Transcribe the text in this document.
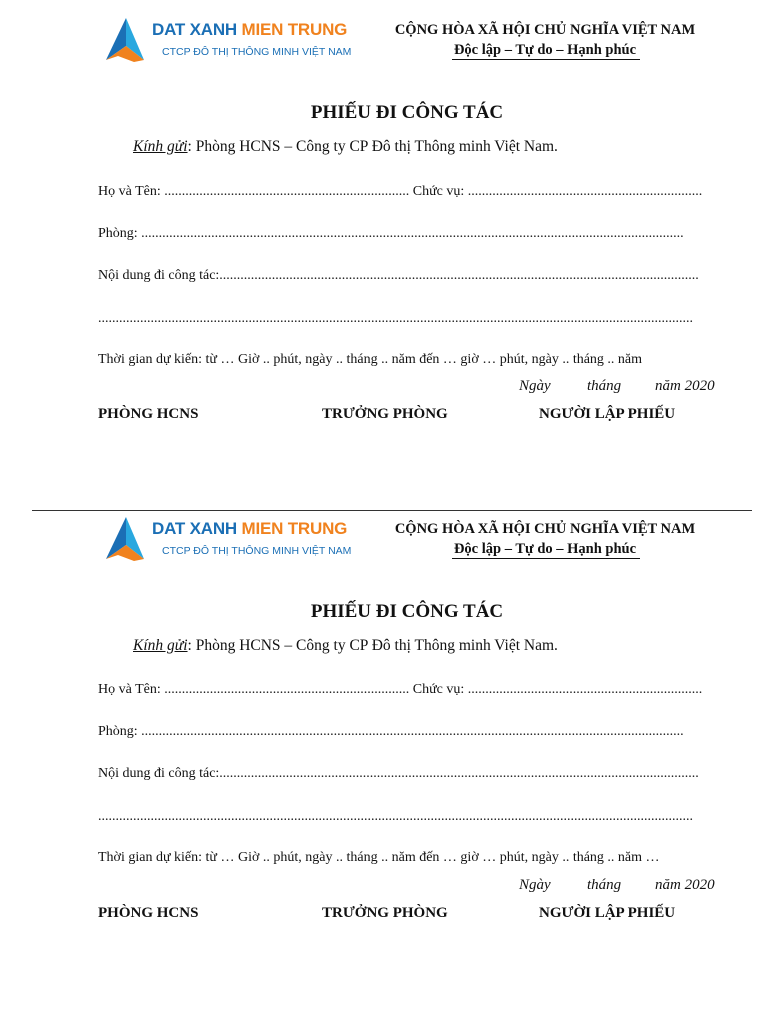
DAT XANH MIEN TRUNG
CTCP ĐÔ THỊ THÔNG MINH VIỆT NAM
CỘNG HÒA XÃ HỘI CHỦ NGHĨA VIỆT NAM
Độc lập – Tự do – Hạnh phúc
PHIẾU ĐI CÔNG TÁC
Kính gửi: Phòng HCNS – Công ty CP Đô thị Thông minh Việt Nam.
Họ và Tên: ...................................................................... Chức vụ: ...................................................................
Phòng: ...........................................................................................................................................................
Nội dung đi công tác:.........................................................................................................................................
..........................................................................................................................................................................
Thời gian dự kiến: từ … Giờ .. phút, ngày .. tháng .. năm đến … giờ … phút, ngày .. tháng .. năm
Ngày tháng năm 2020
PHÒNG HCNS	TRƯỞNG PHÒNG	NGƯỜI LẬP PHIẾU
DAT XANH MIEN TRUNG
CTCP ĐÔ THỊ THÔNG MINH VIỆT NAM
CỘNG HÒA XÃ HỘI CHỦ NGHĨA VIỆT NAM
Độc lập – Tự do – Hạnh phúc
PHIẾU ĐI CÔNG TÁC
Kính gửi: Phòng HCNS – Công ty CP Đô thị Thông minh Việt Nam.
Họ và Tên: ...................................................................... Chức vụ: ...................................................................
Phòng: ...........................................................................................................................................................
Nội dung đi công tác:.........................................................................................................................................
..........................................................................................................................................................................
Thời gian dự kiến: từ … Giờ .. phút, ngày .. tháng .. năm đến … giờ … phút, ngày .. tháng .. năm …
Ngày tháng năm 2020
PHÒNG HCNS	TRƯỞNG PHÒNG	NGƯỜI LẬP PHIẾU
